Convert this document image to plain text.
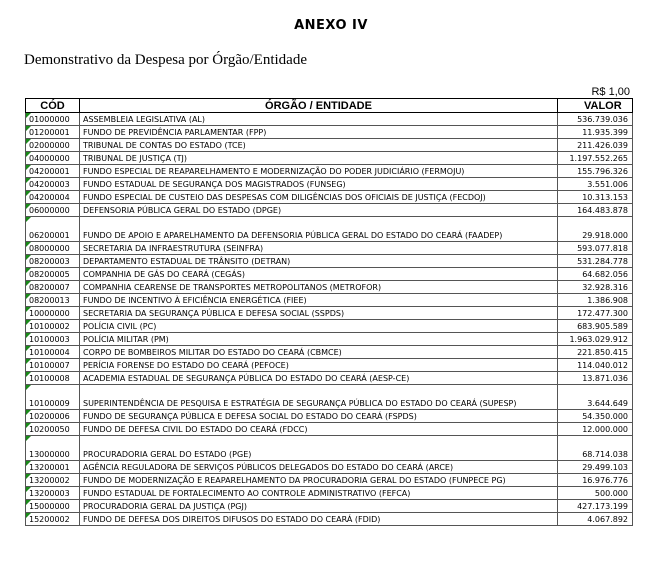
ANEXO IV
Demonstrativo da Despesa por Órgão/Entidade
R$ 1,00
CÓD	ÓRGÃO / ENTIDADE	VALOR
01000000	ASSEMBLEIA LEGISLATIVA (AL)	536.739.036
01200001	FUNDO DE PREVIDÊNCIA PARLAMENTAR (FPP)	11.935.399
02000000	TRIBUNAL DE CONTAS DO ESTADO (TCE)	211.426.039
04000000	TRIBUNAL DE JUSTIÇA (TJ)	1.197.552.265
04200001	FUNDO ESPECIAL DE REAPARELHAMENTO E MODERNIZAÇÃO DO PODER JUDICIÁRIO (FERMOJU)	155.796.326
04200003	FUNDO ESTADUAL DE SEGURANÇA DOS MAGISTRADOS (FUNSEG)	3.551.006
04200004	FUNDO ESPECIAL DE CUSTEIO DAS DESPESAS COM DILIGÊNCIAS DOS OFICIAIS DE JUSTIÇA (FECDOJ)	10.313.153
06000000	DEFENSORIA PÚBLICA GERAL DO ESTADO (DPGE)	164.483.878
06200001	FUNDO DE APOIO E APARELHAMENTO DA DEFENSORIA PÚBLICA GERAL DO ESTADO DO CEARÁ (FAADEP)	29.918.000
08000000	SECRETARIA DA INFRAESTRUTURA (SEINFRA)	593.077.818
08200003	DEPARTAMENTO ESTADUAL DE TRÂNSITO (DETRAN)	531.284.778
08200005	COMPANHIA DE GÁS DO CEARÁ (CEGÁS)	64.682.056
08200007	COMPANHIA CEARENSE DE TRANSPORTES METROPOLITANOS (METROFOR)	32.928.316
08200013	FUNDO DE INCENTIVO À EFICIÊNCIA ENERGÉTICA (FIEE)	1.386.908
10000000	SECRETARIA DA SEGURANÇA PÚBLICA E DEFESA SOCIAL (SSPDS)	172.477.300
10100002	POLÍCIA CIVIL (PC)	683.905.589
10100003	POLÍCIA MILITAR (PM)	1.963.029.912
10100004	CORPO DE BOMBEIROS MILITAR DO ESTADO DO CEARÁ (CBMCE)	221.850.415
10100007	PERÍCIA FORENSE DO ESTADO DO CEARÁ (PEFOCE)	114.040.012
10100008	ACADEMIA ESTADUAL DE SEGURANÇA PÚBLICA DO ESTADO DO CEARÁ (AESP-CE)	13.871.036
10100009	SUPERINTENDÊNCIA DE PESQUISA E ESTRATÉGIA DE SEGURANÇA PÚBLICA DO ESTADO DO CEARÁ (SUPESP)	3.644.649
10200006	FUNDO DE SEGURANÇA PÚBLICA E DEFESA SOCIAL DO ESTADO DO CEARÁ (FSPDS)	54.350.000
10200050	FUNDO DE DEFESA CIVIL DO ESTADO DO CEARÁ (FDCC)	12.000.000
13000000	PROCURADORIA GERAL DO ESTADO (PGE)	68.714.038
13200001	AGÊNCIA REGULADORA DE SERVIÇOS PÚBLICOS DELEGADOS DO ESTADO DO CEARÁ (ARCE)	29.499.103
13200002	FUNDO DE MODERNIZAÇÃO E REAPARELHAMENTO DA PROCURADORIA GERAL DO ESTADO (FUNPECE PG)	16.976.776
13200003	FUNDO ESTADUAL DE FORTALECIMENTO AO CONTROLE ADMINISTRATIVO (FEFCA)	500.000
15000000	PROCURADORIA GERAL DA JUSTIÇA (PGJ)	427.173.199
15200002	FUNDO DE DEFESA DOS DIREITOS DIFUSOS DO ESTADO DO CEARÁ (FDID)	4.067.892
